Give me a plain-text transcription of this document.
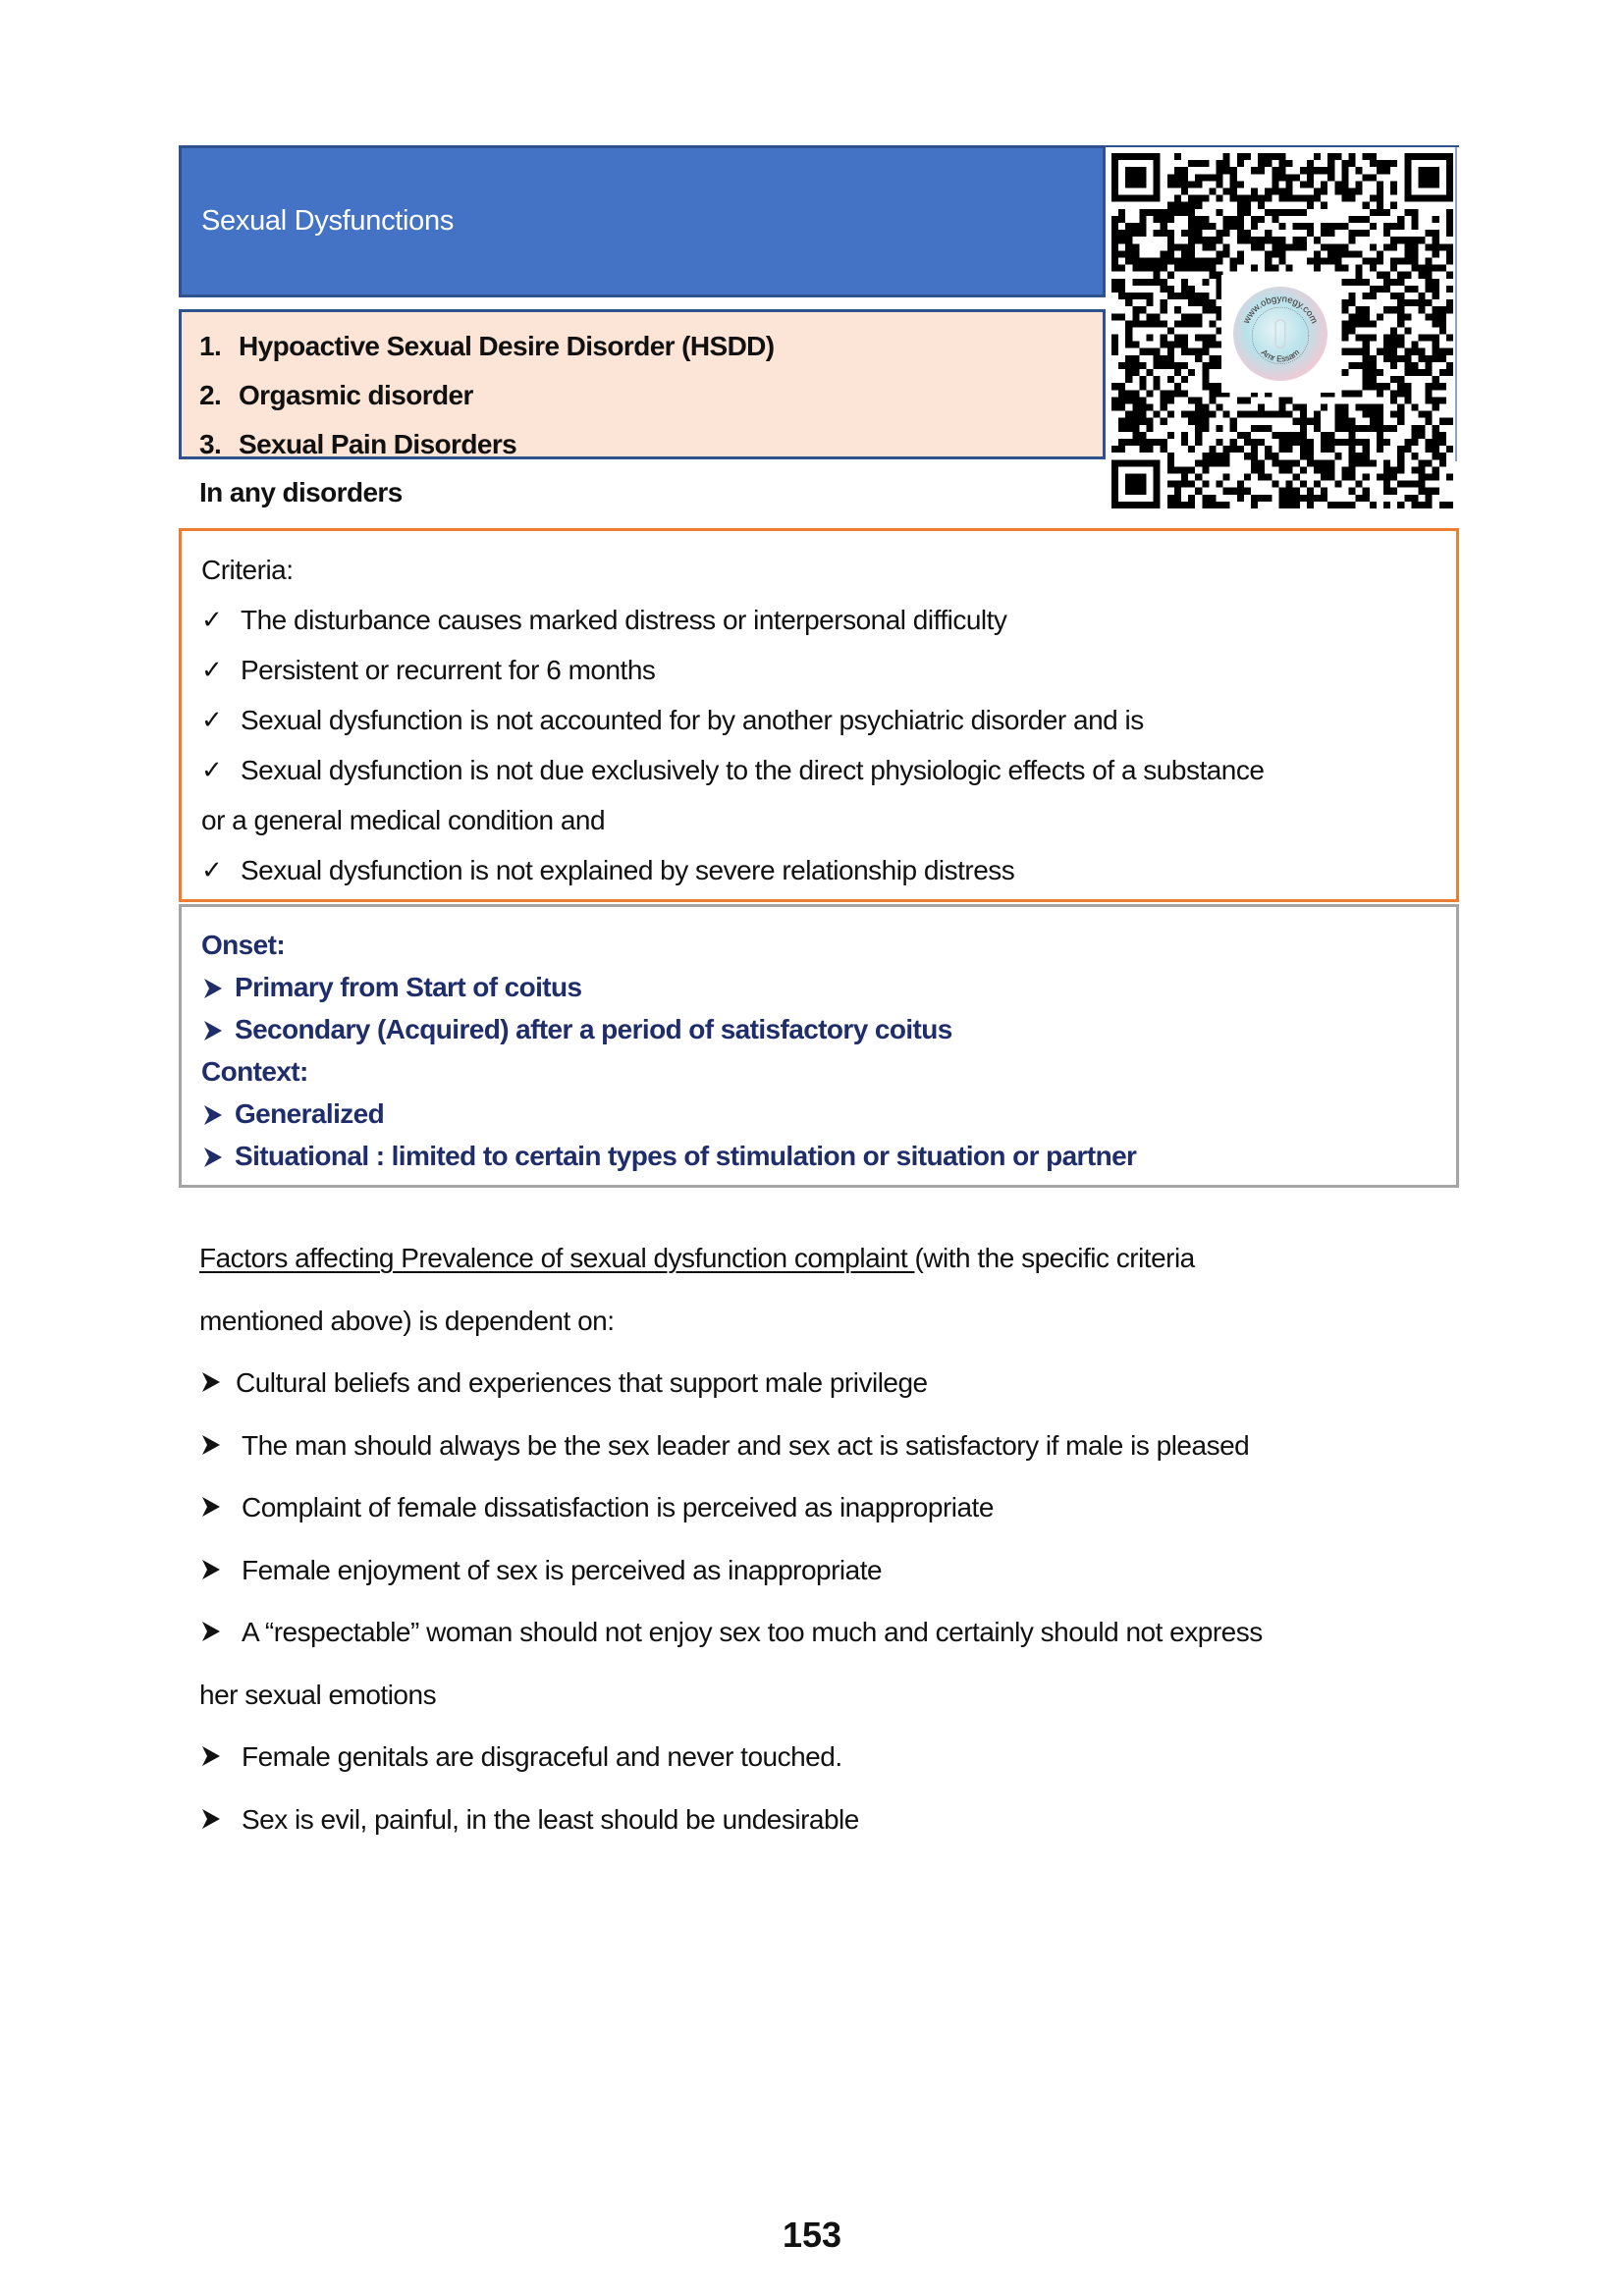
Sexual Dysfunctions
www.obgynegy.com
Amr Essam
1. Hypoactive Sexual Desire Disorder (HSDD)
2. Orgasmic disorder
3. Sexual Pain Disorders
In any disorders
Criteria:
✓ The disturbance causes marked distress or interpersonal difficulty
✓ Persistent or recurrent for 6 months
✓ Sexual dysfunction is not accounted for by another psychiatric disorder and is
✓ Sexual dysfunction is not due exclusively to the direct physiologic effects of a substance
or a general medical condition and
✓ Sexual dysfunction is not explained by severe relationship distress
Onset:
Primary from Start of coitus
Secondary (Acquired) after a period of satisfactory coitus
Context:
Generalized
Situational : limited to certain types of stimulation or situation or partner
Factors affecting Prevalence of sexual dysfunction complaint (with the specific criteria
mentioned above) is dependent on:
Cultural beliefs and experiences that support male privilege
The man should always be the sex leader and sex act is satisfactory if male is pleased
Complaint of female dissatisfaction is perceived as inappropriate
Female enjoyment of sex is perceived as inappropriate
A “respectable” woman should not enjoy sex too much and certainly should not express
her sexual emotions
Female genitals are disgraceful and never touched.
Sex is evil, painful, in the least should be undesirable
153
